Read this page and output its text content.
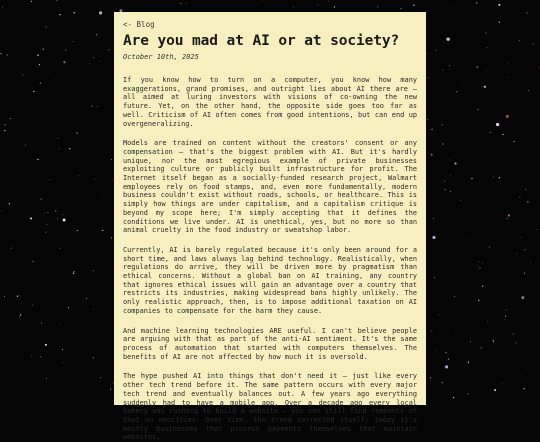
<- Blog
Are you mad at AI or at society?
October 10th, 2025

If you know how to turn on a computer, you know how many exaggerations, grand promises, and outright lies about AI there are — all aimed at luring investors with visions of co-owning the new future. Yet, on the other hand, the opposite side goes too far as well. Criticism of AI often comes from good intentions, but can end up overgeneralizing.

Models are trained on content without the creators' consent or any compensation — that's the biggest problem with AI. But it's hardly unique, nor the most egregious example of private businesses exploiting culture or publicly built infrastructure for profit. The Internet itself began as a socially-funded research project, Walmart employees rely on food stamps, and, even more fundamentally, modern business couldn't exist without roads, schools, or healthcare. This is simply how things are under capitalism, and a capitalism critique is beyond my scope here; I'm simply accepting that it defines the conditions we live under. AI is unethical, yes, but no more so than animal cruelty in the food industry or sweatshop labor.

Currently, AI is barely regulated because it's only been around for a short time, and laws always lag behind technology. Realistically, when regulations do arrive, they will be driven more by pragmatism than ethical concerns. Without a global ban on AI training, any country that ignores ethical issues will gain an advantage over a country that restricts its industries, making widespread bans highly unlikely. The only realistic approach, then, is to impose additional taxation on AI companies to compensate for the harm they cause.

And machine learning technologies ARE useful. I can't believe people are arguing with that as part of the anti-AI sentiment. It's the same process of automation that started with computers themselves. The benefits of AI are not affected by how much it is oversold.

The hype pushed AI into things that don't need it — just like every other tech trend before it. The same pattern occurs with every major tech trend and eventually balances out. A few years ago everything suddenly had to have a mobile app. Over a decade ago every local bakery was rushing to build a website — you can still find remnants of that on neocities. Over time, the trend corrected itself: today it's mostly businesses that process payments themselves that maintain websites,
